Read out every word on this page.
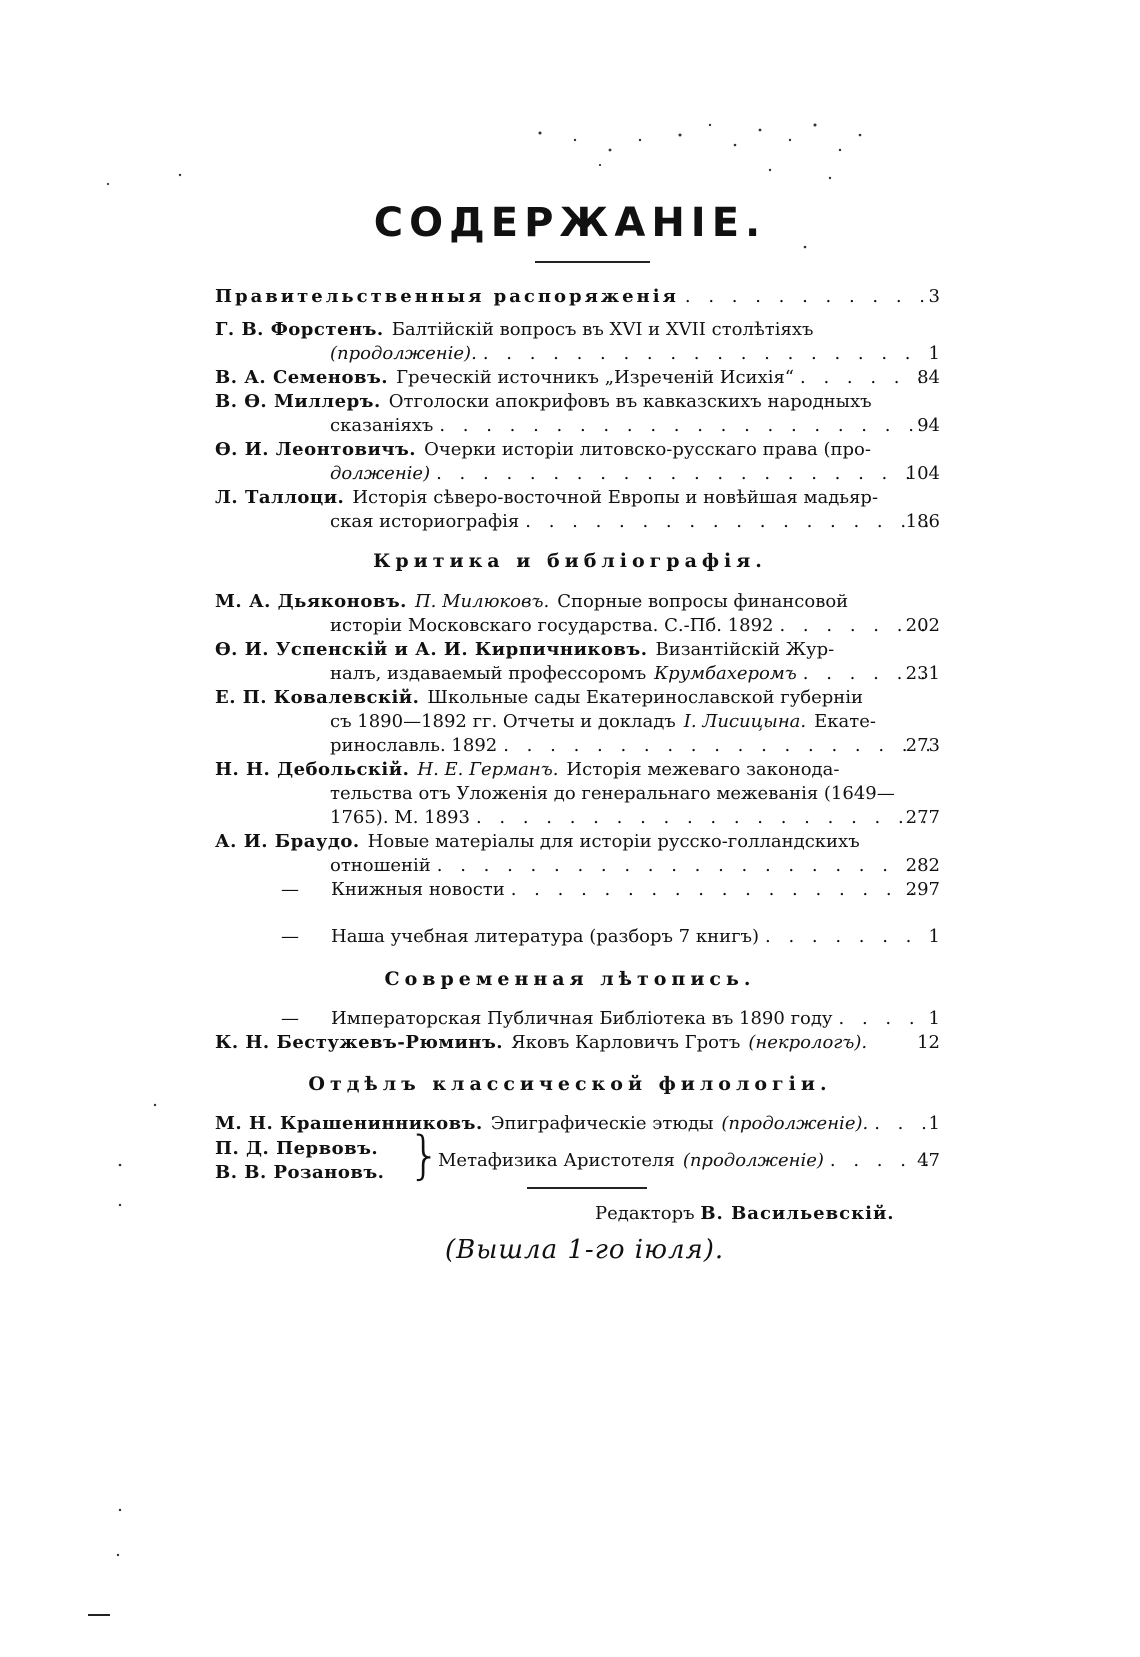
СОДЕРЖАНІЕ.
Правительственныя распоряженія . . .	3
Г. В. Форстенъ. Балтійскій вопросъ въ XVI и XVII столѣтіяхъ
(продолженіе). . . .	1
В. А. Семеновъ. Греческій источникъ „Изреченій Исихія“ . . .	84
В. Ө. Миллеръ. Отголоски апокрифовъ въ кавказскихъ народныхъ
сказаніяхъ . . .	94
Ө. И. Леонтовичъ. Очерки исторіи литовско-русскаго права (про-
долженіе) . . .	104
Л. Таллоци. Исторія сѣверо-восточной Европы и новѣйшая мадьяр-
ская историографія . . .	186
Критика и библіографія.
М. А. Дьяконовъ. П. Милюковъ. Спорные вопросы финансовой
исторіи Московскаго государства. С.-Пб. 1892 . . .	202
Ө. И. Успенскій и А. И. Кирпичниковъ. Византійскій Жур-
налъ, издаваемый профессоромъ Крумбахеромъ . . .	231
Е. П. Ковалевскій. Школьные сады Екатеринославской губерніи
съ 1890—1892 гг. Отчеты и докладъ І. Лисицына. Екате-
ринославль. 1892 . . .	273
Н. Н. Дебольскій. Н. Е. Германъ. Исторія межеваго законода-
тельства отъ Уложенія до генеральнаго межеванія (1649—
1765). М. 1893 . . .	277
А. И. Браудо. Новые матеріалы для исторіи русско-голландскихъ
отношеній . . .	282
—	Книжныя новости . . .	297
—	Наша учебная литература (разборъ 7 книгъ) . . .	1
Современная лѣтопись.
—	Императорская Публичная Библіотека въ 1890 году . . .	1
К. Н. Бестужевъ-Рюминъ. Яковъ Карловичъ Гротъ (некрологъ).	12
Отдѣлъ классической филологіи.
М. Н. Крашенинниковъ. Эпиграфическіе этюды (продолженіе). . . .	1
П. Д. Первовъ.
В. В. Розановъ. }
Метафизика Аристотеля (продолженіе) . . .	47
Редакторъ В. Васильевскій.
(Вышла 1-го іюля).
